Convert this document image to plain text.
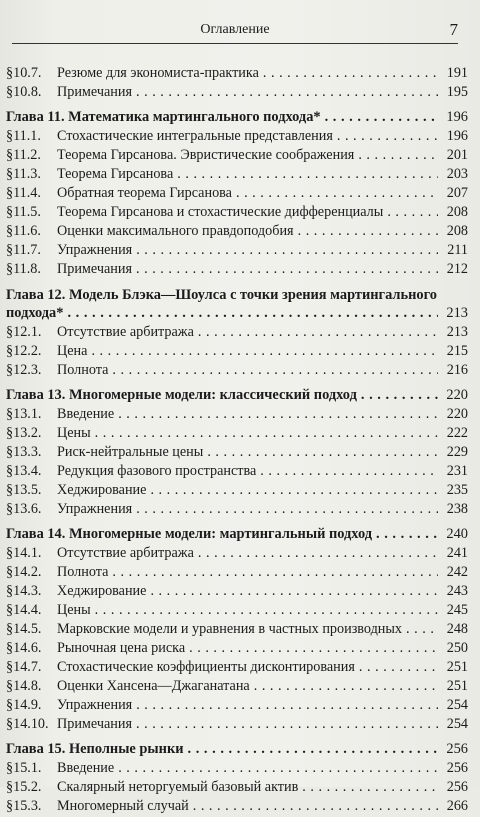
Оглавление	7
§10.7. Резюме для экономиста-практика . . .	191
§10.8. Примечания . . .	195
Глава 11. Математика мартингального подхода* . . .	196
§11.1. Стохастические интегральные представления . . .	196
§11.2. Теорема Гирсанова. Эвристические соображения . . .	201
§11.3. Теорема Гирсанова . . .	203
§11.4. Обратная теорема Гирсанова . . .	207
§11.5. Теорема Гирсанова и стохастические дифференциалы . . .	208
§11.6. Оценки максимального правдоподобия . . .	208
§11.7. Упражнения . . .	211
§11.8. Примечания . . .	212
Глава 12. Модель Блэка—Шоулса с точки зрения мартингального
подхода* . . .	213
§12.1. Отсутствие арбитража . . .	213
§12.2. Цена . . .	215
§12.3. Полнота . . .	216
Глава 13. Многомерные модели: классический подход . . .	220
§13.1. Введение . . .	220
§13.2. Цены . . .	222
§13.3. Риск-нейтральные цены . . .	229
§13.4. Редукция фазового пространства . . .	231
§13.5. Хеджирование . . .	235
§13.6. Упражнения . . .	238
Глава 14. Многомерные модели: мартингальный подход . . .	240
§14.1. Отсутствие арбитража . . .	241
§14.2. Полнота . . .	242
§14.3. Хеджирование . . .	243
§14.4. Цены . . .	245
§14.5. Марковские модели и уравнения в частных производных . . .	248
§14.6. Рыночная цена риска . . .	250
§14.7. Стохастические коэффициенты дисконтирования . . .	251
§14.8. Оценки Хансена—Джаганатана . . .	251
§14.9. Упражнения . . .	254
§14.10. Примечания . . .	254
Глава 15. Неполные рынки . . .	256
§15.1. Введение . . .	256
§15.2. Скалярный неторгуемый базовый актив . . .	256
§15.3. Многомерный случай . . .	266
